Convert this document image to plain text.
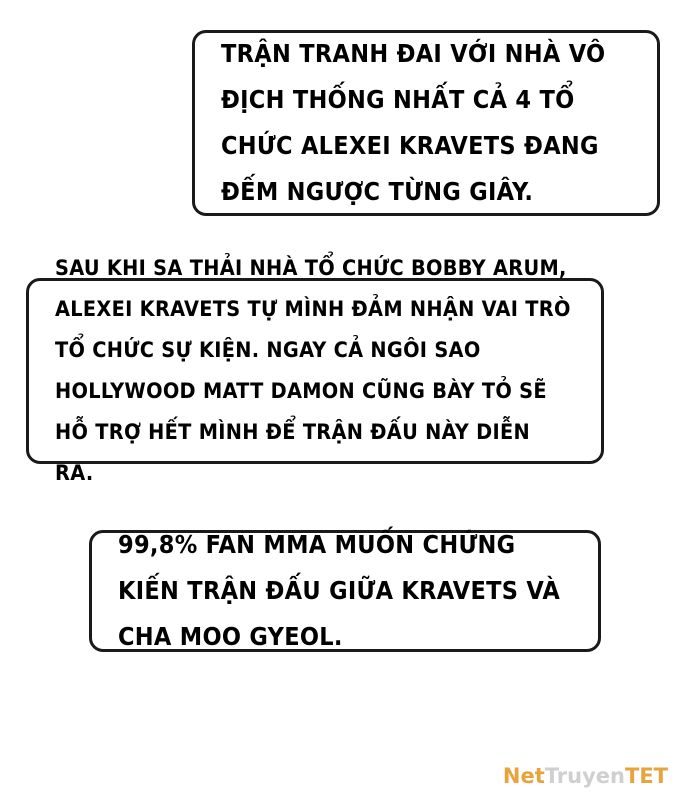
TRẬN TRANH ĐAI VỚI NHÀ VÔ ĐỊCH THỐNG NHẤT CẢ 4 TỔ CHỨC ALEXEI KRAVETS ĐANG ĐẾM NGƯỢC TỪNG GIÂY.
SAU KHI SA THẢI NHÀ TỔ CHỨC BOBBY ARUM, ALEXEI KRAVETS TỰ MÌNH ĐẢM NHẬN VAI TRÒ TỔ CHỨC SỰ KIỆN. NGAY CẢ NGÔI SAO HOLLYWOOD MATT DAMON CŨNG BÀY TỎ SẼ HỖ TRỢ HẾT MÌNH ĐỂ TRẬN ĐẤU NÀY DIỄN RA.
99,8% FAN MMA MUỐN CHỨNG KIẾN TRẬN ĐẤU GIỮA KRAVETS VÀ CHA MOO GYEOL.
NetTruyenTET
